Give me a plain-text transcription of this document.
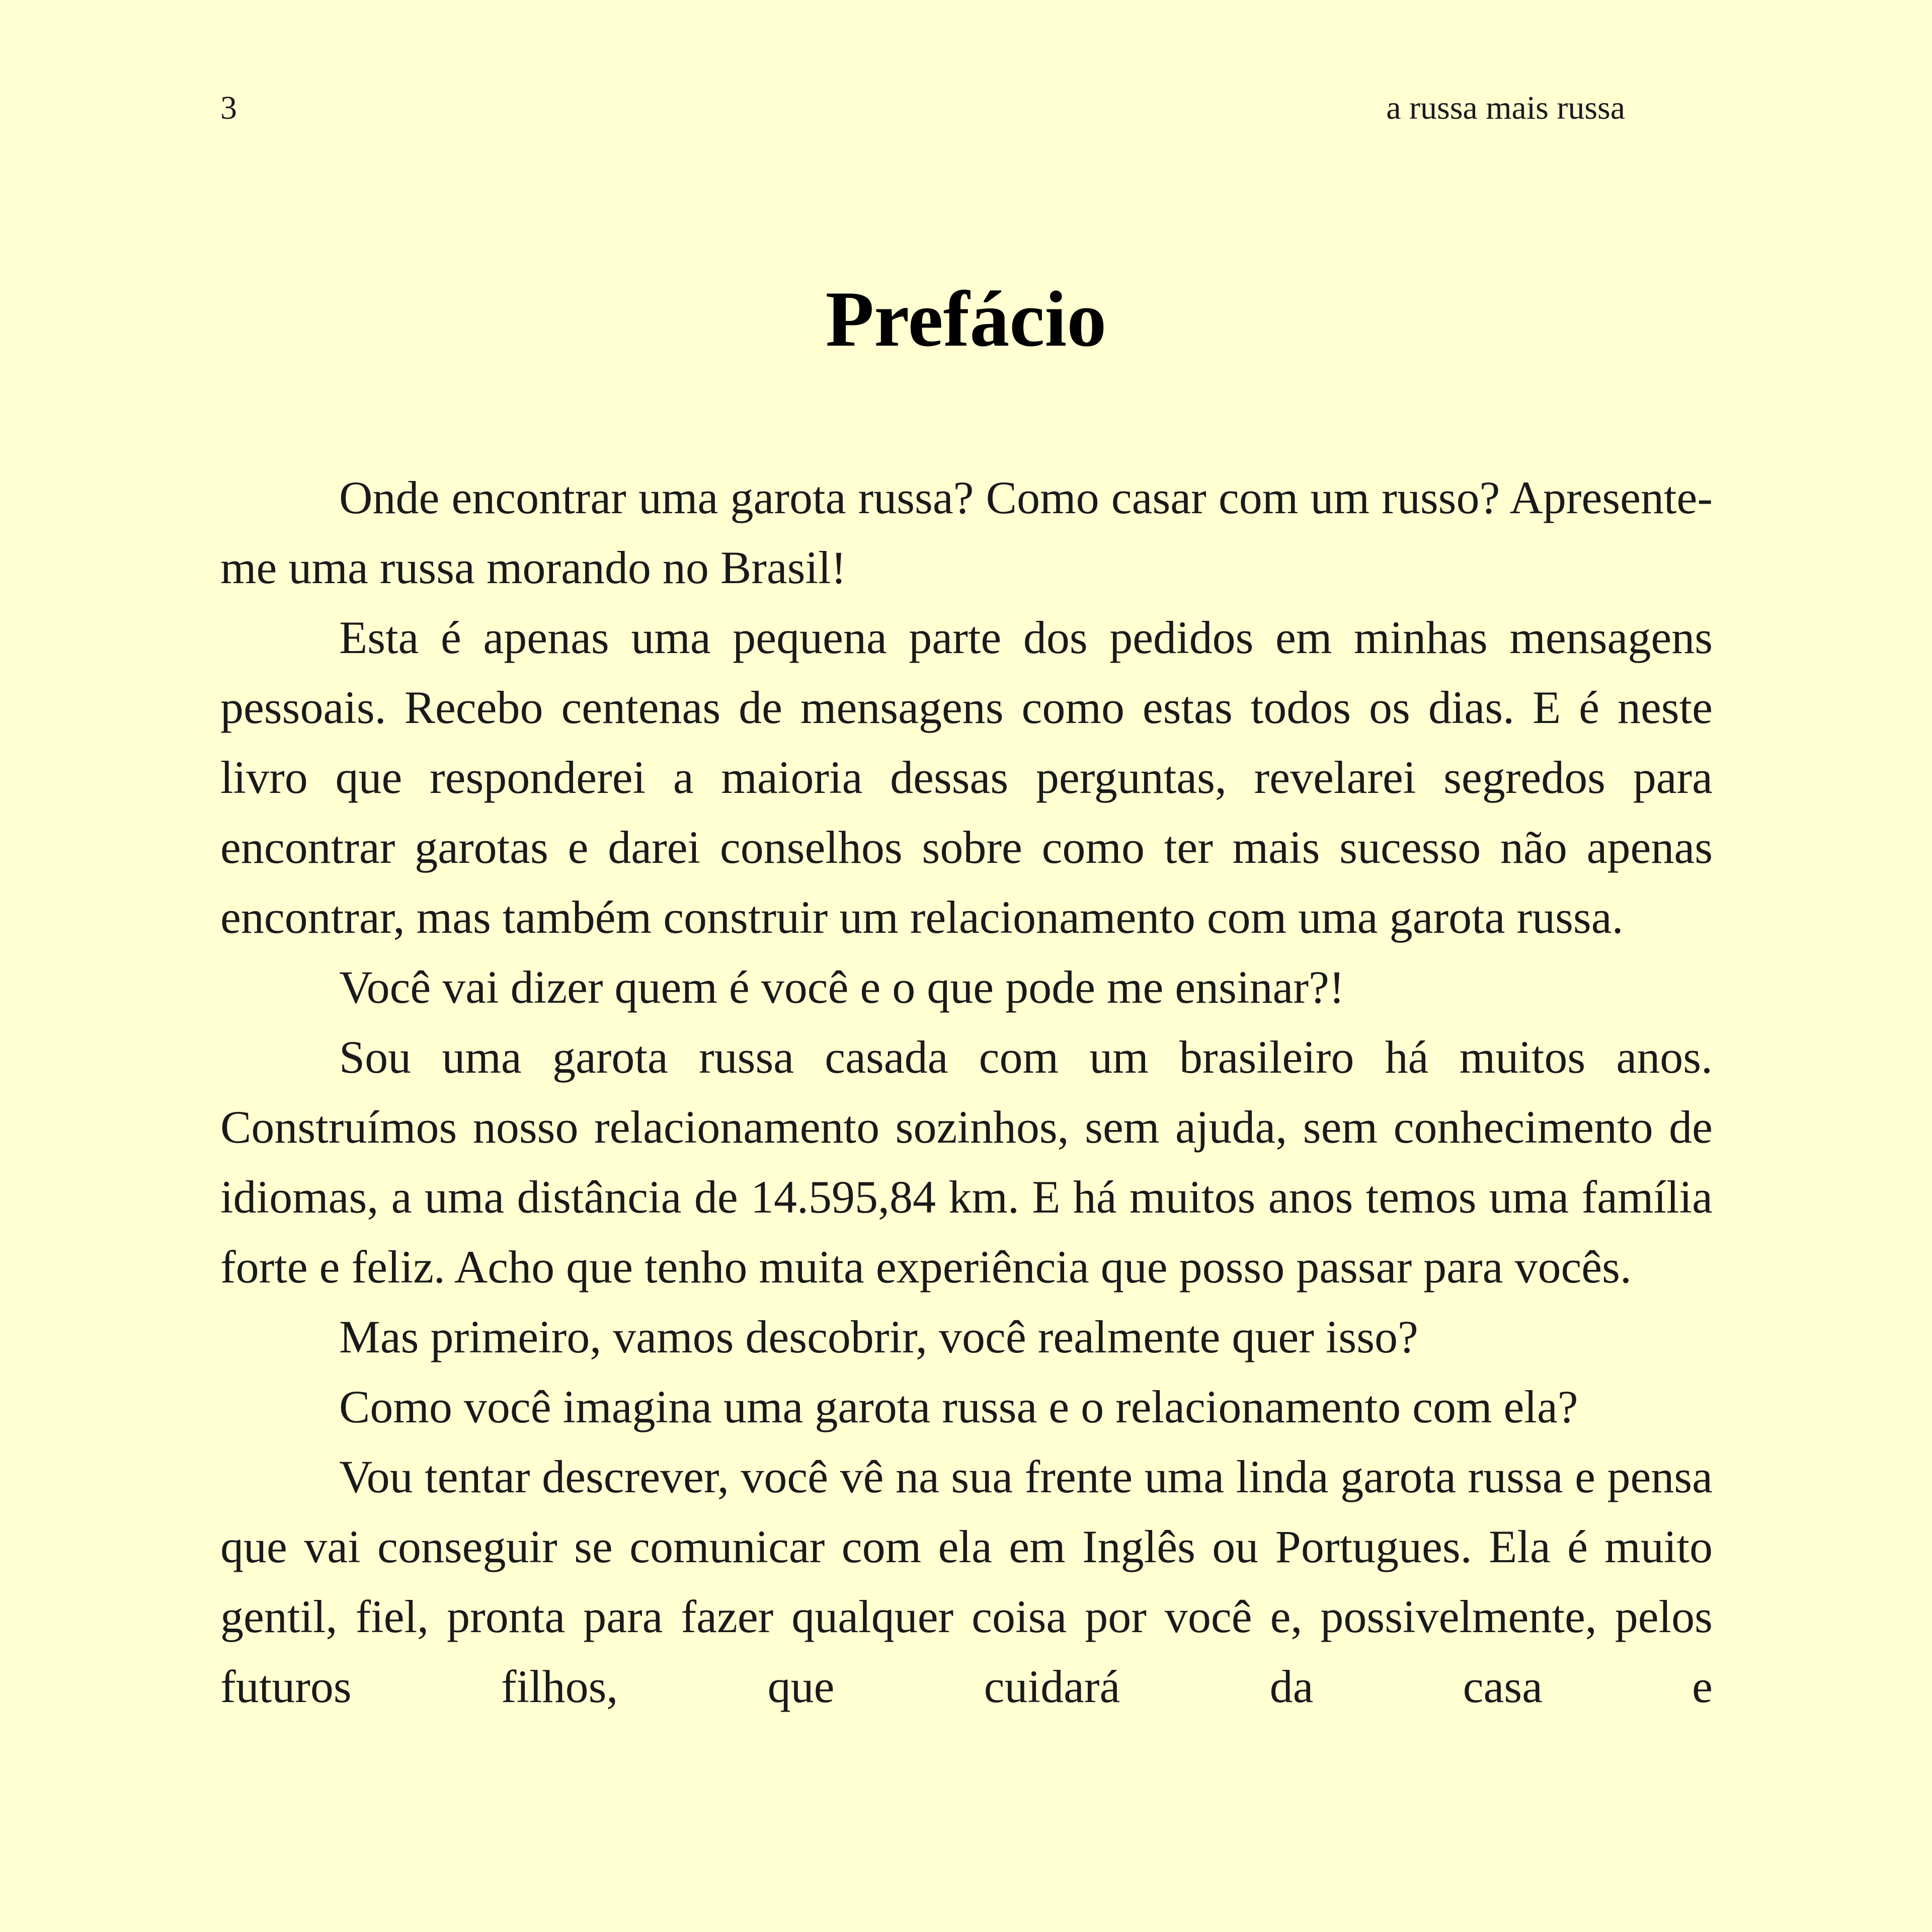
3	a russa mais russa
Prefácio

Onde encontrar uma garota russa? Como casar com um russo? Apresente-me uma russa morando no Brasil!

Esta é apenas uma pequena parte dos pedidos em minhas mensagens pessoais. Recebo centenas de mensagens como estas todos os dias. E é neste livro que responderei a maioria dessas perguntas, revelarei segredos para encontrar garotas e darei conselhos sobre como ter mais sucesso não apenas encontrar, mas também construir um relacionamento com uma garota russa.

Você vai dizer quem é você e o que pode me ensinar?!

Sou uma garota russa casada com um brasileiro há muitos anos. Construímos nosso relacionamento sozinhos, sem ajuda, sem conhecimento de idiomas, a uma distância de 14.595,84 km. E há muitos anos temos uma família forte e feliz. Acho que tenho muita experiência que posso passar para vocês.

Mas primeiro, vamos descobrir, você realmente quer isso?

Como você imagina uma garota russa e o relacionamento com ela?

Vou tentar descrever, você vê na sua frente uma linda garota russa e pensa que vai conseguir se comunicar com ela em Inglês ou Portugues. Ela é muito gentil, fiel, pronta para fazer qualquer coisa por você e, possivelmente, pelos futuros filhos, que cuidará da casa e
